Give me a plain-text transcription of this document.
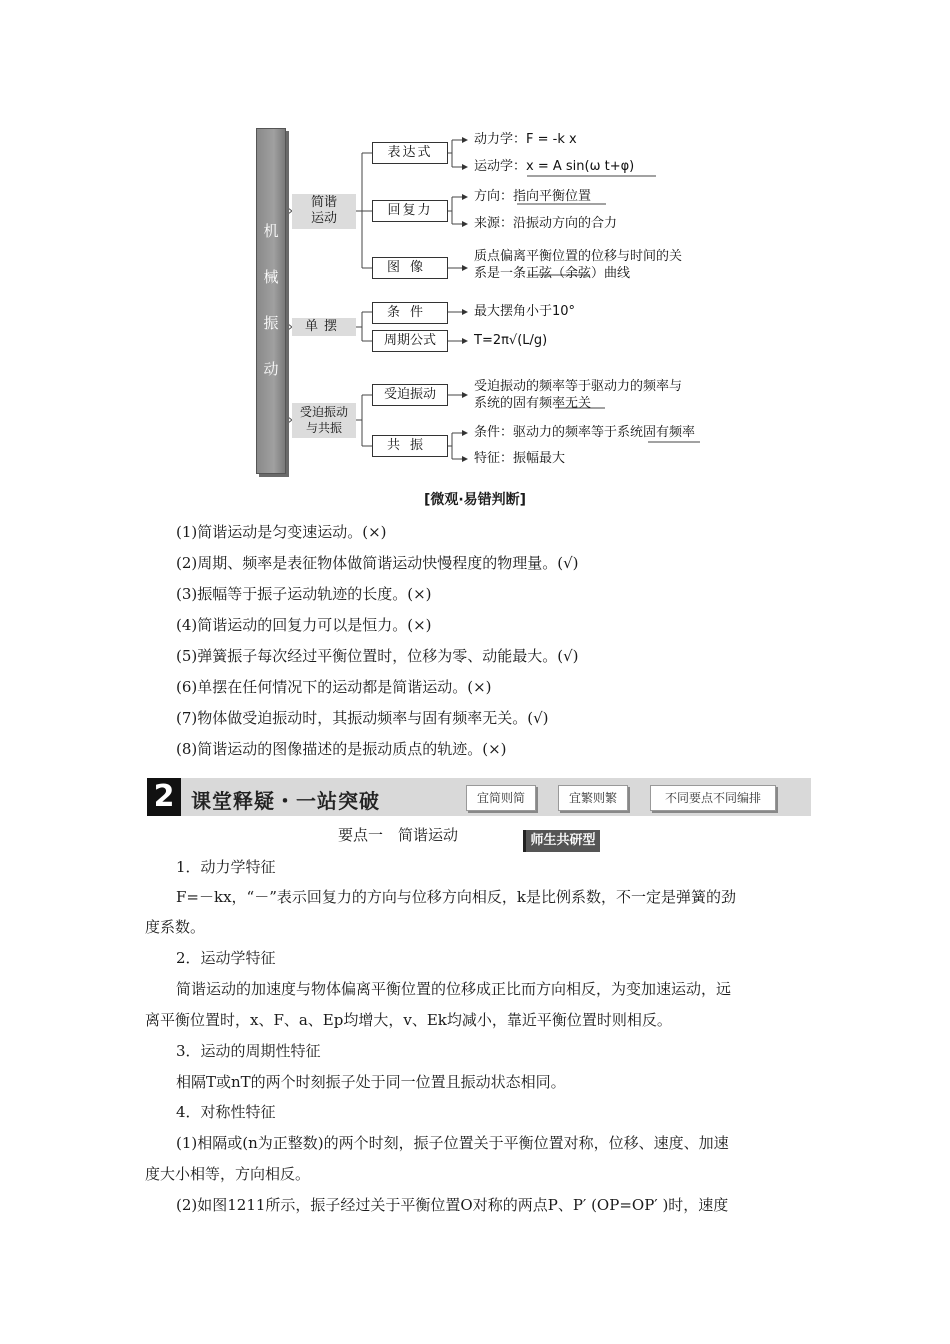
机
械
振
动
简谐
运动
单摆
受迫振动
与共振
表达式
回复力
图像
条件
周期公式
受迫振动
共振
动力学：F = -k x
运动学：x = A sin(ω t+φ)
方向：指向平衡位置
来源：沿振动方向的合力
质点偏离平衡位置的位移与时间的关
系是一条正弦（余弦）曲线
最大摆角小于10°
T=2π√(L/g)
受迫振动的频率等于驱动力的频率与
系统的固有频率无关
条件：驱动力的频率等于系统固有频率
特征：振幅最大
[微观·易错判断]
(1)简谐运动是匀变速运动。(×)
(2)周期、频率是表征物体做简谐运动快慢程度的物理量。(√)
(3)振幅等于振子运动轨迹的长度。(×)
(4)简谐运动的回复力可以是恒力。(×)
(5)弹簧振子每次经过平衡位置时，位移为零、动能最大。(√)
(6)单摆在任何情况下的运动都是简谐运动。(×)
(7)物体做受迫振动时，其振动频率与固有频率无关。(√)
(8)简谐运动的图像描述的是振动质点的轨迹。(×)
2 课堂释疑・一站突破	宜简则简	宜繁则繁	不同要点不同编排
要点一　简谐运动	师生共研型
1．动力学特征
F=－kx，“－”表示回复力的方向与位移方向相反，k是比例系数，不一定是弹簧的劲
度系数。
2．运动学特征
简谐运动的加速度与物体偏离平衡位置的位移成正比而方向相反，为变加速运动，远
离平衡位置时，x、F、a、Ep均增大，v、Ek均减小，靠近平衡位置时则相反。
3．运动的周期性特征
相隔T或nT的两个时刻振子处于同一位置且振动状态相同。
4．对称性特征
(1)相隔或(n为正整数)的两个时刻，振子位置关于平衡位置对称，位移、速度、加速
度大小相等，方向相反。
(2)如图1211所示，振子经过关于平衡位置O对称的两点P、P′ (OP=OP′ )时，速度
